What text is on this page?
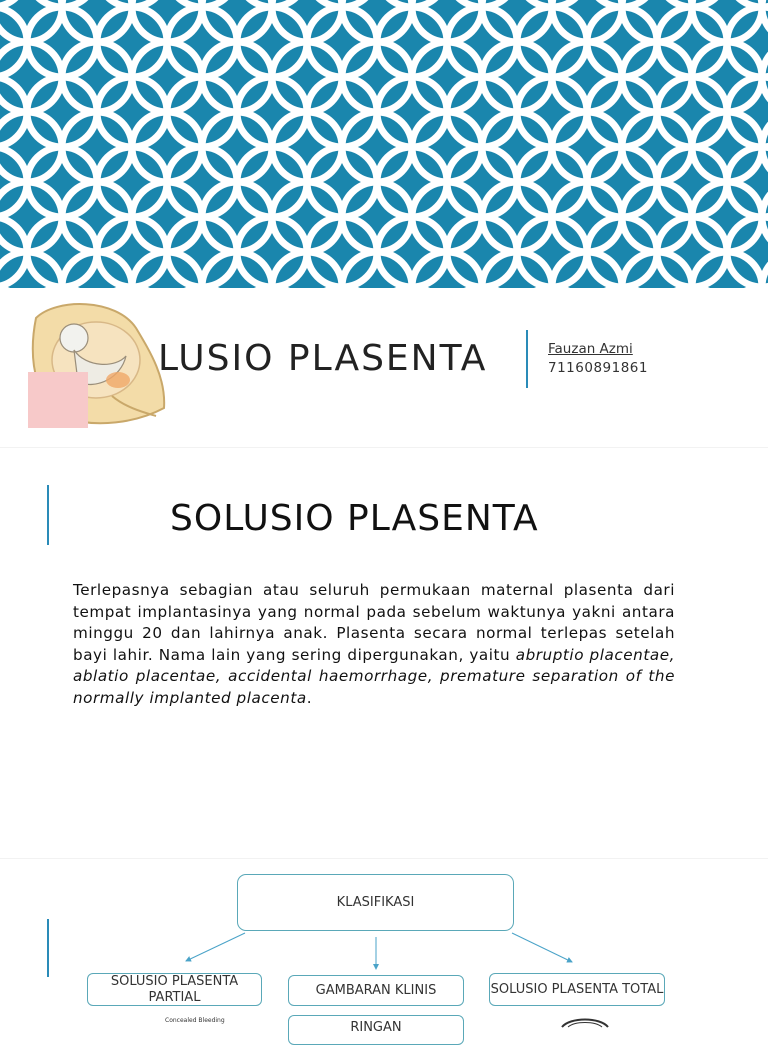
LUSIO PLASENTA	Fauzan Azmi
71160891861
SOLUSIO PLASENTA

Terlepasnya sebagian atau seluruh permukaan maternal plasenta dari tempat implantasinya yang normal pada sebelum waktunya yakni antara minggu 20 dan lahirnya anak. Plasenta secara normal terlepas setelah bayi lahir. Nama lain yang sering dipergunakan, yaitu abruptio placentae, ablatio placentae, accidental haemorrhage, premature separation of the normally implanted placenta.

KLASIFIKASI
SOLUSIO PLASENTA PARTIAL	GAMBARAN KLINIS	SOLUSIO PLASENTA TOTAL
RINGAN
Concealed Bleeding
